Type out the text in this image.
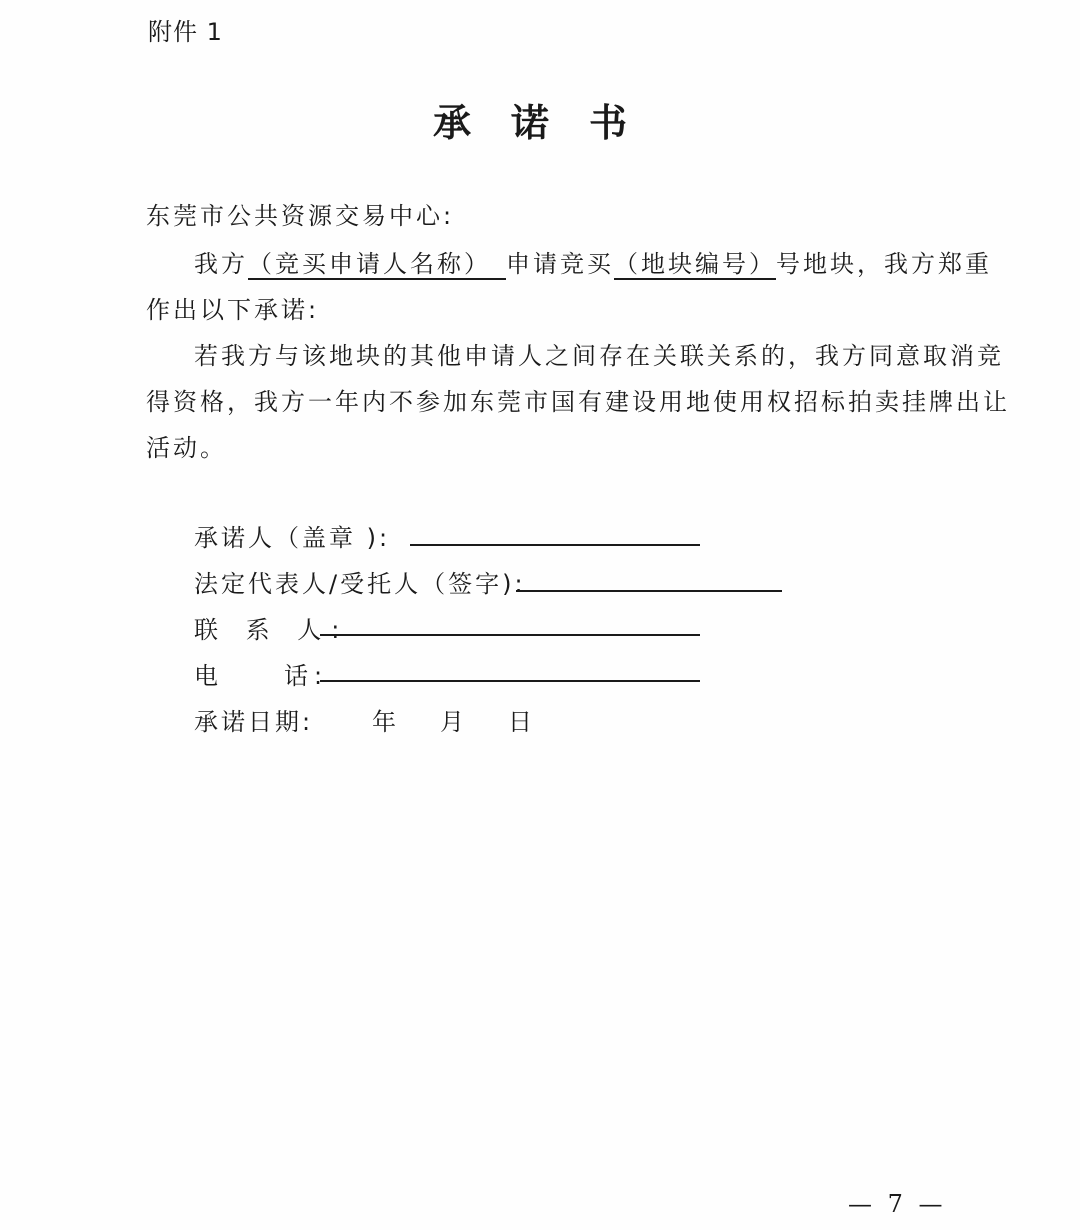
附件 1
承诺书
东莞市公共资源交易中心:
我方（竞买申请人名称）　 申请竞买（地块编号）号地块，我方郑重
作出以下承诺:
若我方与该地块的其他申请人之间存在关联关系的，我方同意取消竞
得资格，我方一年内不参加东莞市国有建设用地使用权招标拍卖挂牌出让
活动。
承诺人（盖章 ):
法定代表人/受托人（签字):
联 系 人:
电　　话:
承诺日期: 年　月　日
— 7 —
